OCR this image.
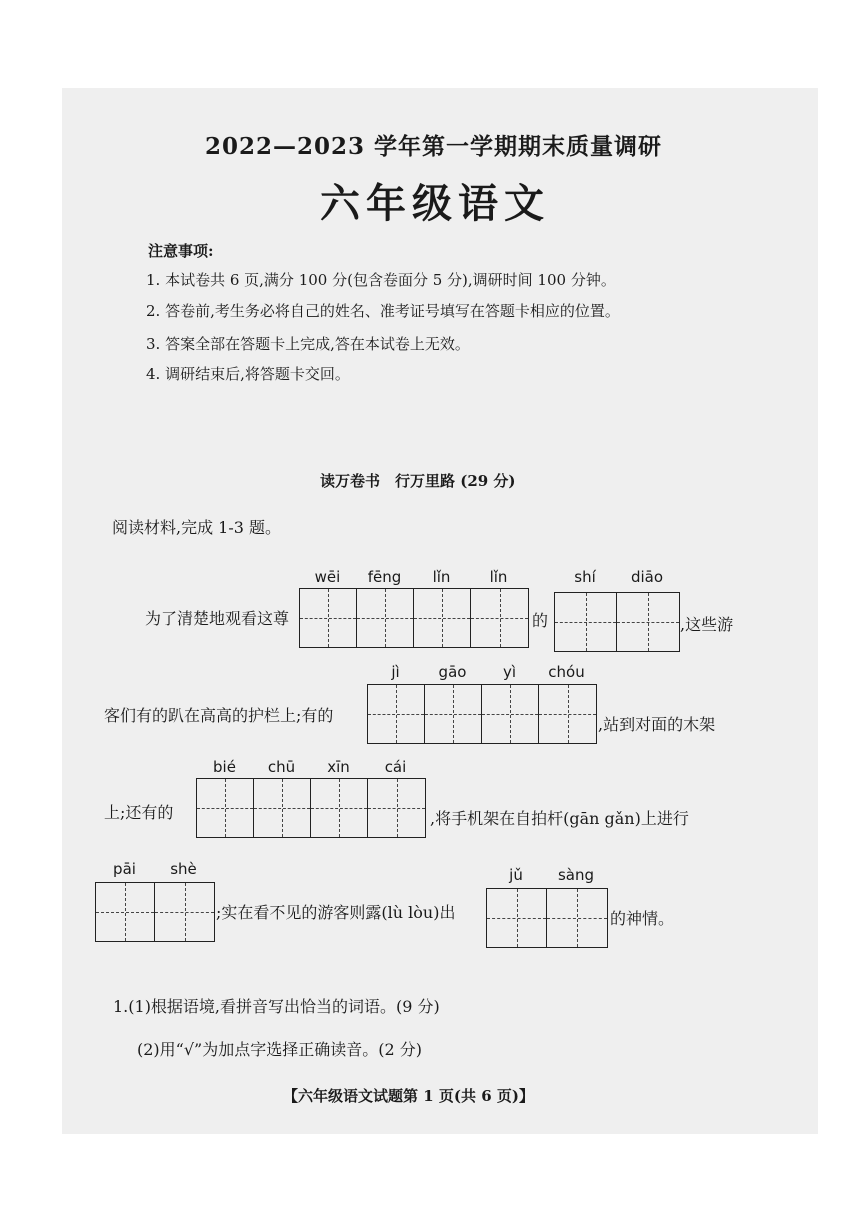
2022—2023 学年第一学期期末质量调研
六年级语文
注意事项:
1. 本试卷共 6 页,满分 100 分(包含卷面分 5 分),调研时间 100 分钟。
2. 答卷前,考生务必将自己的姓名、准考证号填写在答题卡相应的位置。
3. 答案全部在答题卡上完成,答在本试卷上无效。
4. 调研结束后,将答题卡交回。
读万卷书　行万里路 (29 分)
阅读材料,完成 1-3 题。
为了清楚地观看这尊
wēi	fēng	lǐn	lǐn
的
shí	diāo
,这些游
客们有的趴在高高的护栏上;有的
jì	gāo	yì	chóu
,站到对面的木架
上;还有的
bié	chū	xīn	cái
,将手机架在自拍杆(gān gǎn)上进行
pāi	shè
;实在看不见的游客则露(lù lòu)出
jǔ	sàng
的神情。
1.(1)根据语境,看拼音写出恰当的词语。(9 分)
(2)用“√”为加点字选择正确读音。(2 分)
【六年级语文试题第 1 页(共 6 页)】
